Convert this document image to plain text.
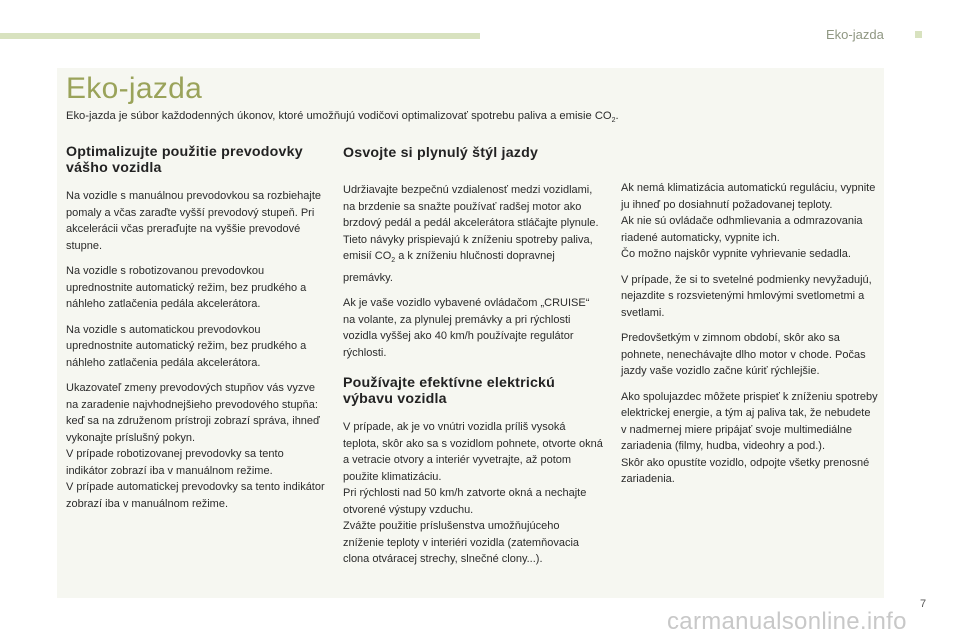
Eko-jazda
Eko-jazda
Eko-jazda je súbor každodenných úkonov, ktoré umožňujú vodičovi optimalizovať spotrebu paliva a emisie $CO_2$.
Optimalizujte použitie prevodovky vášho vozidla

Na vozidle s manuálnou prevodovkou sa rozbiehajte pomaly a včas zaraďte vyšší prevodový stupeň. Pri akcelerácii včas preraďujte na vyššie prevodové stupne.

Na vozidle s robotizovanou prevodovkou uprednostnite automatický režim, bez prudkého a náhleho zatlačenia pedála akcelerátora.

Na vozidle s automatickou prevodovkou uprednostnite automatický režim, bez prudkého a náhleho zatlačenia pedála akcelerátora.

Ukazovateľ zmeny prevodových stupňov vás vyzve na zaradenie najvhodnejšieho prevodového stupňa: keď sa na združenom prístroji zobrazí správa, ihneď vykonajte príslušný pokyn.
V prípade robotizovanej prevodovky sa tento indikátor zobrazí iba v manuálnom režime.
V prípade automatickej prevodovky sa tento indikátor zobrazí iba v manuálnom režime.

Osvojte si plynulý štýl jazdy

Udržiavajte bezpečnú vzdialenosť medzi vozidlami, na brzdenie sa snažte používať radšej motor ako brzdový pedál a pedál akcelerátora stláčajte plynule. Tieto návyky prispievajú k zníženiu spotreby paliva, emisií $CO_2$ a k zníženiu hlučnosti dopravnej premávky.

Ak je vaše vozidlo vybavené ovládačom „CRUISE“ na volante, za plynulej premávky a pri rýchlosti vozidla vyššej ako 40 km/h používajte regulátor rýchlosti.

Používajte efektívne elektrickú výbavu vozidla

V prípade, ak je vo vnútri vozidla príliš vysoká teplota, skôr ako sa s vozidlom pohnete, otvorte okná a vetracie otvory a interiér vyvetrajte, až potom použite klimatizáciu.
Pri rýchlosti nad 50 km/h zatvorte okná a nechajte otvorené výstupy vzduchu.
Zvážte použitie príslušenstva umožňujúceho zníženie teploty v interiéri vozidla (zatemňovacia clona otváracej strechy, slnečné clony...).

Ak nemá klimatizácia automatickú reguláciu, vypnite ju ihneď po dosiahnutí požadovanej teploty.
Ak nie sú ovládače odhmlievania a odmrazovania riadené automaticky, vypnite ich.
Čo možno najskôr vypnite vyhrievanie sedadla.

V prípade, že si to svetelné podmienky nevyžadujú, nejazdite s rozsvietenými hmlovými svetlometmi a svetlami.

Predovšetkým v zimnom období, skôr ako sa pohnete, nenechávajte dlho motor v chode. Počas jazdy vaše vozidlo začne kúriť rýchlejšie.

Ako spolujazdec môžete prispieť k zníženiu spotreby elektrickej energie, a tým aj paliva tak, že nebudete v nadmernej miere pripájať svoje multimediálne zariadenia (filmy, hudba, videohry a pod.).
Skôr ako opustíte vozidlo, odpojte všetky prenosné zariadenia.

7
carmanualsonline.info
